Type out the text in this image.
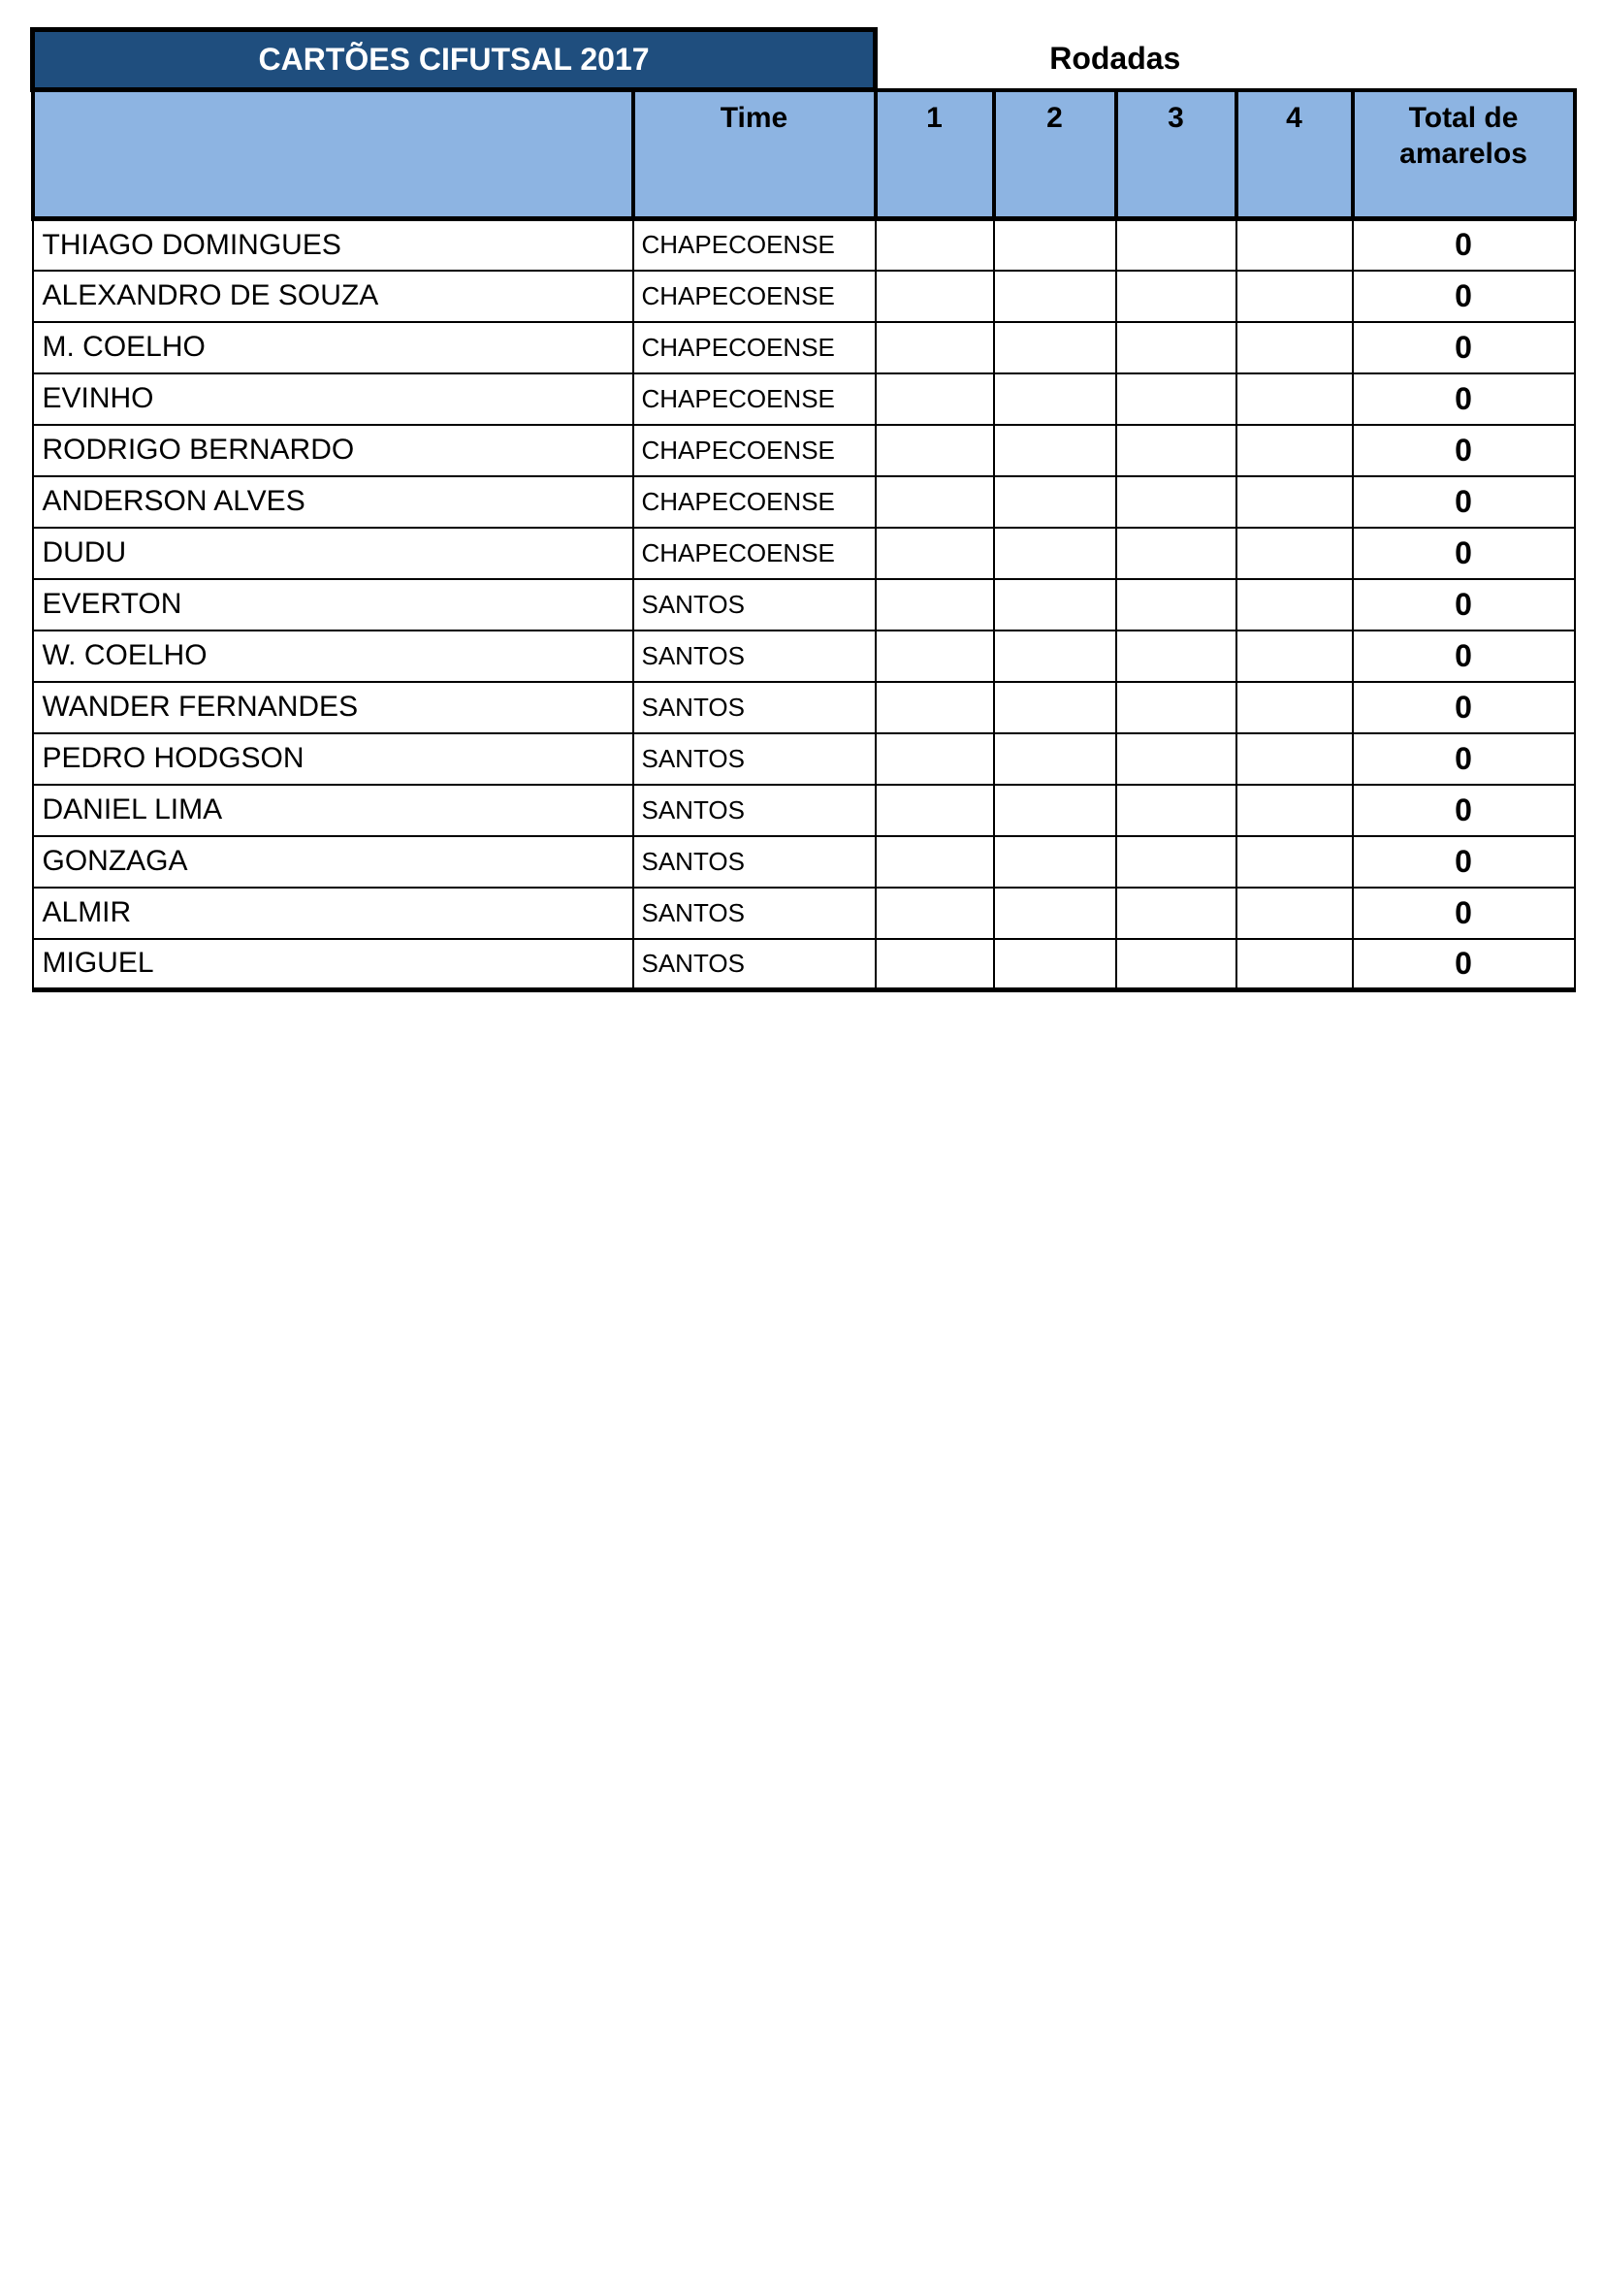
CARTÕES CIFUTSAL 2017		Rodadas				
	Time	1	2	3	4	Total de amarelos
THIAGO DOMINGUES	CHAPECOENSE					0
ALEXANDRO DE SOUZA	CHAPECOENSE					0
M. COELHO	CHAPECOENSE					0
EVINHO	CHAPECOENSE					0
RODRIGO BERNARDO	CHAPECOENSE					0
ANDERSON ALVES	CHAPECOENSE					0
DUDU	CHAPECOENSE					0
EVERTON	SANTOS					0
W. COELHO	SANTOS					0
WANDER FERNANDES	SANTOS					0
PEDRO HODGSON	SANTOS					0
DANIEL LIMA	SANTOS					0
GONZAGA	SANTOS					0
ALMIR	SANTOS					0
MIGUEL	SANTOS					0
